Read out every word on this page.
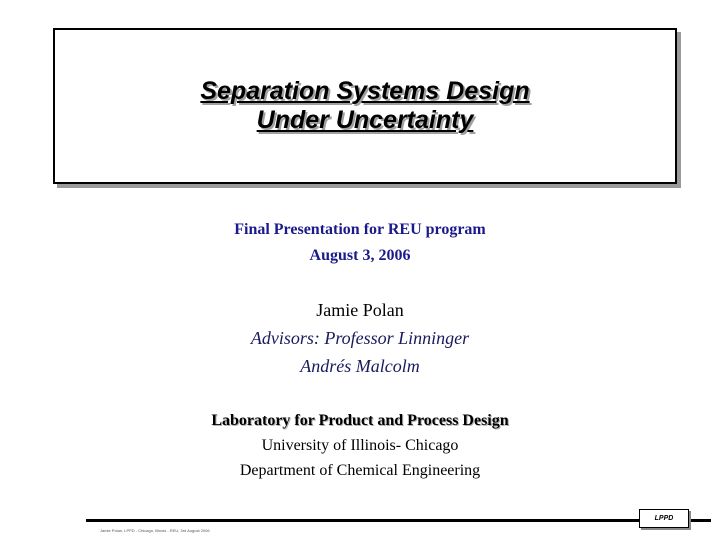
Separation Systems Design
Under Uncertainty
Final Presentation for REU program
August 3, 2006
Jamie Polan
Advisors: Professor Linninger
Andrés Malcolm
Laboratory for Product and Process Design
University of Illinois- Chicago
Department of Chemical Engineering
Jamie Polan, LPPD - Chicago, Illinois - REU, 3rd August 2006
LPPD
